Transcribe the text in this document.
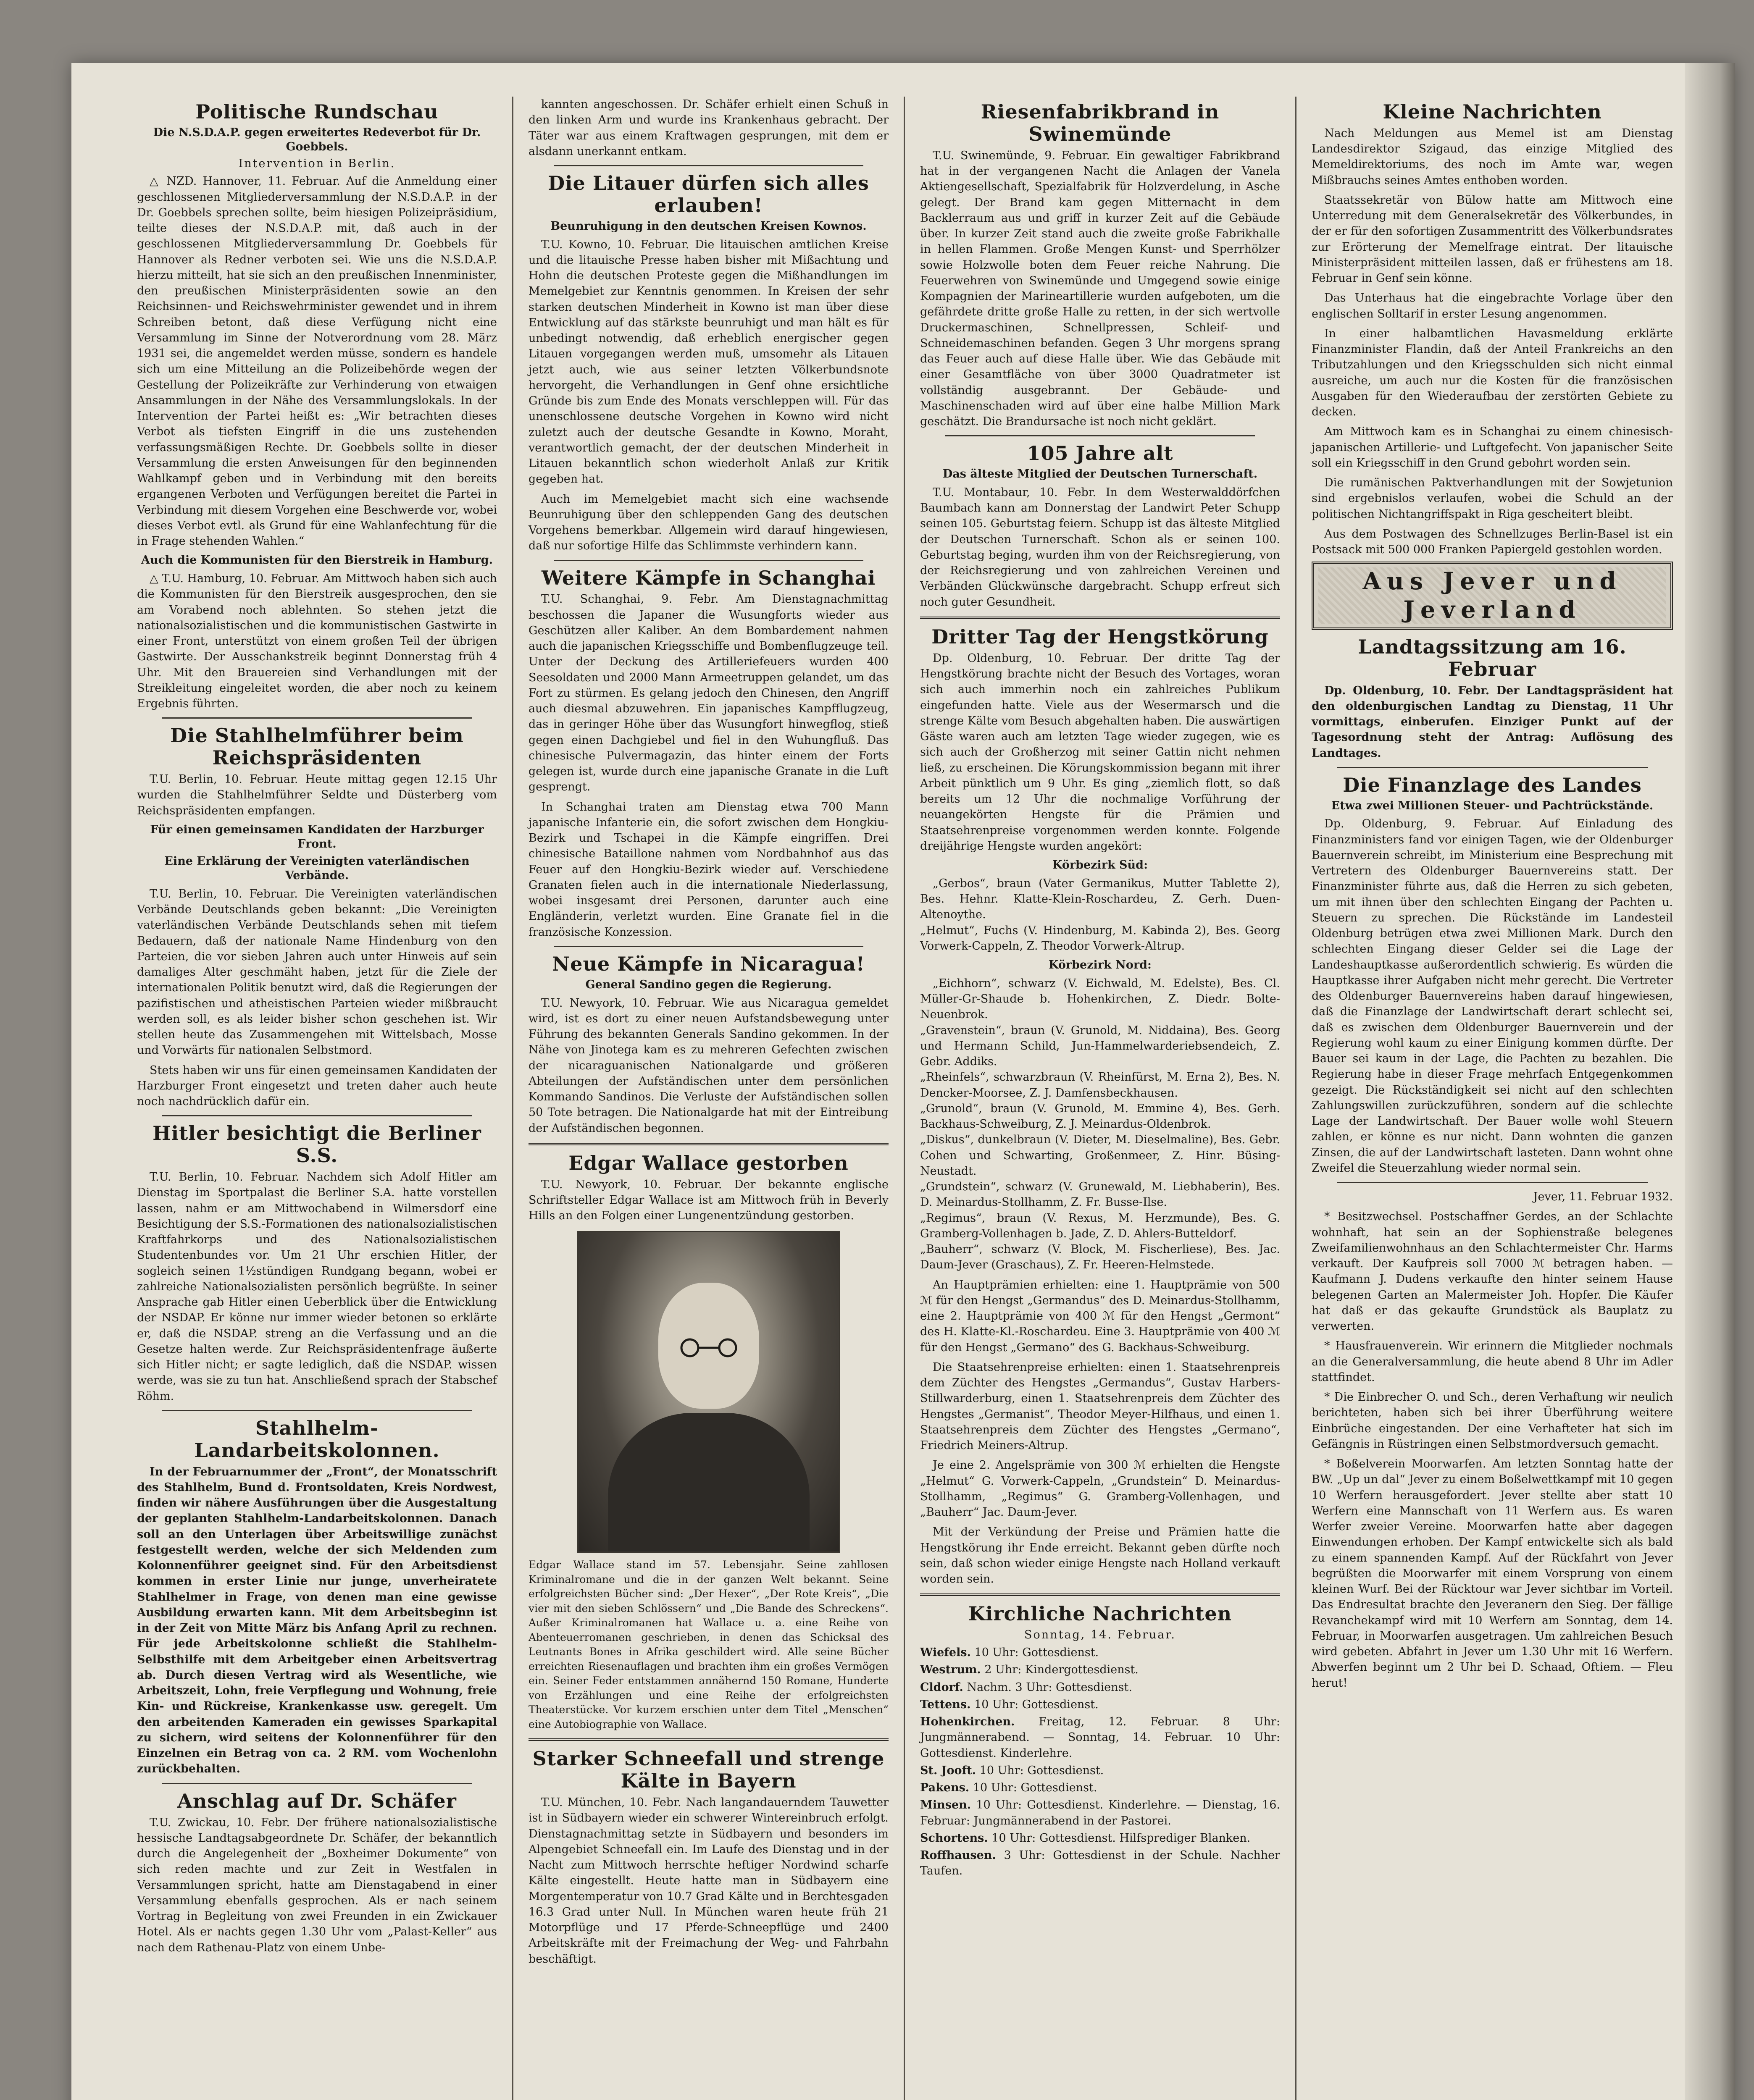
Politische Rundschau
Die N.S.D.A.P. gegen erweitertes Redeverbot für Dr. Goebbels.
Intervention in Berlin.

△ NZD. Hannover, 11. Februar. Auf die Anmeldung einer geschlossenen Mitgliederversammlung der N.S.D.A.P. in der Dr. Goebbels sprechen sollte, beim hiesigen Polizeipräsidium, teilte dieses der N.S.D.A.P. mit, daß auch in der geschlossenen Mitgliederversammlung Dr. Goebbels für Hannover als Redner verboten sei. Wie uns die N.S.D.A.P. hierzu mitteilt, hat sie sich an den preußischen Innenminister, den preußischen Ministerpräsidenten sowie an den Reichsinnen- und Reichswehrminister gewendet und in ihrem Schreiben betont, daß diese Verfügung nicht eine Versammlung im Sinne der Notverordnung vom 28. März 1931 sei, die angemeldet werden müsse, sondern es handele sich um eine Mitteilung an die Polizeibehörde wegen der Gestellung der Polizeikräfte zur Verhinderung von etwaigen Ansammlungen in der Nähe des Versammlungslokals. In der Intervention der Partei heißt es: „Wir betrachten dieses Verbot als tiefsten Eingriff in die uns zustehenden verfassungsmäßigen Rechte. Dr. Goebbels sollte in dieser Versammlung die ersten Anweisungen für den beginnenden Wahlkampf geben und in Verbindung mit den bereits ergangenen Verboten und Verfügungen bereitet die Partei in Verbindung mit diesem Vorgehen eine Beschwerde vor, wobei dieses Verbot evtl. als Grund für eine Wahlanfechtung für die in Frage stehenden Wahlen.“

Auch die Kommunisten für den Bierstreik in Hamburg.

△ T.U. Hamburg, 10. Februar. Am Mittwoch haben sich auch die Kommunisten für den Bierstreik ausgesprochen, den sie am Vorabend noch ablehnten. So stehen jetzt die nationalsozialistischen und die kommunistischen Gastwirte in einer Front, unterstützt von einem großen Teil der übrigen Gastwirte. Der Ausschankstreik beginnt Donnerstag früh 4 Uhr. Mit den Brauereien sind Verhandlungen mit der Streikleitung eingeleitet worden, die aber noch zu keinem Ergebnis führten.

Die Stahlhelmführer beim Reichspräsidenten

T.U. Berlin, 10. Februar. Heute mittag gegen 12.15 Uhr wurden die Stahlhelmführer Seldte und Düsterberg vom Reichspräsidenten empfangen.

Für einen gemeinsamen Kandidaten der Harzburger Front.
Eine Erklärung der Vereinigten vaterländischen Verbände.

T.U. Berlin, 10. Februar. Die Vereinigten vaterländischen Verbände Deutschlands geben bekannt: „Die Vereinigten vaterländischen Verbände Deutschlands sehen mit tiefem Bedauern, daß der nationale Name Hindenburg von den Parteien, die vor sieben Jahren auch unter Hinweis auf sein damaliges Alter geschmäht haben, jetzt für die Ziele der internationalen Politik benutzt wird, daß die Regierungen der pazifistischen und atheistischen Parteien wieder mißbraucht werden soll, es als leider bisher schon geschehen ist. Wir stellen heute das Zusammengehen mit Wittelsbach, Mosse und Vorwärts für nationalen Selbstmord.

Stets haben wir uns für einen gemeinsamen Kandidaten der Harzburger Front eingesetzt und treten daher auch heute noch nachdrücklich dafür ein.

Hitler besichtigt die Berliner S.S.

T.U. Berlin, 10. Februar. Nachdem sich Adolf Hitler am Dienstag im Sportpalast die Berliner S.A. hatte vorstellen lassen, nahm er am Mittwochabend in Wilmersdorf eine Besichtigung der S.S.-Formationen des nationalsozialistischen Kraftfahrkorps und des Nationalsozialistischen Studentenbundes vor. Um 21 Uhr erschien Hitler, der sogleich seinen 1½stündigen Rundgang begann, wobei er zahlreiche Nationalsozialisten persönlich begrüßte. In seiner Ansprache gab Hitler einen Ueberblick über die Entwicklung der NSDAP. Er könne nur immer wieder betonen so erklärte er, daß die NSDAP. streng an die Verfassung und an die Gesetze halten werde. Zur Reichspräsidentenfrage äußerte sich Hitler nicht; er sagte lediglich, daß die NSDAP. wissen werde, was sie zu tun hat. Anschließend sprach der Stabschef Röhm.

Stahlhelm-Landarbeitskolonnen.

In der Februarnummer der „Front“, der Monatsschrift des Stahlhelm, Bund d. Frontsoldaten, Kreis Nordwest, finden wir nähere Ausführungen über die Ausgestaltung der geplanten Stahlhelm-Landarbeitskolonnen. Danach soll an den Unterlagen über Arbeitswillige zunächst festgestellt werden, welche der sich Meldenden zum Kolonnenführer geeignet sind. Für den Arbeitsdienst kommen in erster Linie nur junge, unverheiratete Stahlhelmer in Frage, von denen man eine gewisse Ausbildung erwarten kann. Mit dem Arbeitsbeginn ist in der Zeit von Mitte März bis Anfang April zu rechnen. Für jede Arbeitskolonne schließt die Stahlhelm-Selbsthilfe mit dem Arbeitgeber einen Arbeitsvertrag ab. Durch diesen Vertrag wird als Wesentliche, wie Arbeitszeit, Lohn, freie Verpflegung und Wohnung, freie Kin- und Rückreise, Krankenkasse usw. geregelt. Um den arbeitenden Kameraden ein gewisses Sparkapital zu sichern, wird seitens der Kolonnenführer für den Einzelnen ein Betrag von ca. 2 RM. vom Wochenlohn zurückbehalten.

Anschlag auf Dr. Schäfer

T.U. Zwickau, 10. Febr. Der frühere nationalsozialistische hessische Landtagsabgeordnete Dr. Schäfer, der bekanntlich durch die Angelegenheit der „Boxheimer Dokumente“ von sich reden machte und zur Zeit in Westfalen in Versammlungen spricht, hatte am Dienstagabend in einer Versammlung ebenfalls gesprochen. Als er nach seinem Vortrag in Begleitung von zwei Freunden in ein Zwickauer Hotel. Als er nachts gegen 1.30 Uhr vom „Palast-Keller“ aus nach dem Rathenau-Platz von einem Unbe-

kannten angeschossen. Dr. Schäfer erhielt einen Schuß in den linken Arm und wurde ins Krankenhaus gebracht. Der Täter war aus einem Kraftwagen gesprungen, mit dem er alsdann unerkannt entkam.

Die Litauer dürfen sich alles erlauben!
Beunruhigung in den deutschen Kreisen Kownos.

T.U. Kowno, 10. Februar. Die litauischen amtlichen Kreise und die litauische Presse haben bisher mit Mißachtung und Hohn die deutschen Proteste gegen die Mißhandlungen im Memelgebiet zur Kenntnis genommen. In Kreisen der sehr starken deutschen Minderheit in Kowno ist man über diese Entwicklung auf das stärkste beunruhigt und man hält es für unbedingt notwendig, daß erheblich energischer gegen Litauen vorgegangen werden muß, umsomehr als Litauen jetzt auch, wie aus seiner letzten Völkerbundsnote hervorgeht, die Verhandlungen in Genf ohne ersichtliche Gründe bis zum Ende des Monats verschleppen will. Für das unenschlossene deutsche Vorgehen in Kowno wird nicht zuletzt auch der deutsche Gesandte in Kowno, Moraht, verantwortlich gemacht, der der deutschen Minderheit in Litauen bekanntlich schon wiederholt Anlaß zur Kritik gegeben hat.

Auch im Memelgebiet macht sich eine wachsende Beunruhigung über den schleppenden Gang des deutschen Vorgehens bemerkbar. Allgemein wird darauf hingewiesen, daß nur sofortige Hilfe das Schlimmste verhindern kann.

Weitere Kämpfe in Schanghai

T.U. Schanghai, 9. Febr. Am Dienstagnachmittag beschossen die Japaner die Wusungforts wieder aus Geschützen aller Kaliber. An dem Bombardement nahmen auch die japanischen Kriegsschiffe und Bombenflugzeuge teil. Unter der Deckung des Artilleriefeuers wurden 400 Seesoldaten und 2000 Mann Armeetruppen gelandet, um das Fort zu stürmen. Es gelang jedoch den Chinesen, den Angriff auch diesmal abzuwehren. Ein japanisches Kampfflugzeug, das in geringer Höhe über das Wusungfort hinwegflog, stieß gegen einen Dachgiebel und fiel in den Wuhungfluß. Das chinesische Pulvermagazin, das hinter einem der Forts gelegen ist, wurde durch eine japanische Granate in die Luft gesprengt.

In Schanghai traten am Dienstag etwa 700 Mann japanische Infanterie ein, die sofort zwischen dem Hongkiu-Bezirk und Tschapei in die Kämpfe eingriffen. Drei chinesische Bataillone nahmen vom Nordbahnhof aus das Feuer auf den Hongkiu-Bezirk wieder auf. Verschiedene Granaten fielen auch in die internationale Niederlassung, wobei insgesamt drei Personen, darunter auch eine Engländerin, verletzt wurden. Eine Granate fiel in die französische Konzession.

Neue Kämpfe in Nicaragua!
General Sandino gegen die Regierung.

T.U. Newyork, 10. Februar. Wie aus Nicaragua gemeldet wird, ist es dort zu einer neuen Aufstandsbewegung unter Führung des bekannten Generals Sandino gekommen. In der Nähe von Jinotega kam es zu mehreren Gefechten zwischen der nicaraguanischen Nationalgarde und größeren Abteilungen der Aufständischen unter dem persönlichen Kommando Sandinos. Die Verluste der Aufständischen sollen 50 Tote betragen. Die Nationalgarde hat mit der Eintreibung der Aufständischen begonnen.

Edgar Wallace gestorben

T.U. Newyork, 10. Februar. Der bekannte englische Schriftsteller Edgar Wallace ist am Mittwoch früh in Beverly Hills an den Folgen einer Lungenentzündung gestorben.

Edgar Wallace stand im 57. Lebensjahr. Seine zahllosen Kriminalromane und die in der ganzen Welt bekannt. Seine erfolgreichsten Bücher sind: „Der Hexer“, „Der Rote Kreis“, „Die vier mit den sieben Schlössern“ und „Die Bande des Schreckens“. Außer Kriminalromanen hat Wallace u. a. eine Reihe von Abenteuerromanen geschrieben, in denen das Schicksal des Leutnants Bones in Afrika geschildert wird. Alle seine Bücher erreichten Riesenauflagen und brachten ihm ein großes Vermögen ein. Seiner Feder entstammen annähernd 150 Romane, Hunderte von Erzählungen und eine Reihe der erfolgreichsten Theaterstücke. Vor kurzem erschien unter dem Titel „Menschen“ eine Autobiographie von Wallace.

Starker Schneefall und strenge Kälte in Bayern

T.U. München, 10. Febr. Nach langandauerndem Tauwetter ist in Südbayern wieder ein schwerer Wintereinbruch erfolgt. Dienstagnachmittag setzte in Südbayern und besonders im Alpengebiet Schneefall ein. Im Laufe des Dienstag und in der Nacht zum Mittwoch herrschte heftiger Nordwind scharfe Kälte eingestellt. Heute hatte man in Südbayern eine Morgentemperatur von 10.7 Grad Kälte und in Berchtesgaden 16.3 Grad unter Null. In München waren heute früh 21 Motorpflüge und 17 Pferde-Schneepflüge und 2400 Arbeitskräfte mit der Freimachung der Weg- und Fahrbahn beschäftigt.

Riesenfabrikbrand in Swinemünde

T.U. Swinemünde, 9. Februar. Ein gewaltiger Fabrikbrand hat in der vergangenen Nacht die Anlagen der Vanela Aktiengesellschaft, Spezialfabrik für Holzverdelung, in Asche gelegt. Der Brand kam gegen Mitternacht in dem Backlerraum aus und griff in kurzer Zeit auf die Gebäude über. In kurzer Zeit stand auch die zweite große Fabrikhalle in hellen Flammen. Große Mengen Kunst- und Sperrhölzer sowie Holzwolle boten dem Feuer reiche Nahrung. Die Feuerwehren von Swinemünde und Umgegend sowie einige Kompagnien der Marineartillerie wurden aufgeboten, um die gefährdete dritte große Halle zu retten, in der sich wertvolle Druckermaschinen, Schnellpressen, Schleif- und Schneidemaschinen befanden. Gegen 3 Uhr morgens sprang das Feuer auch auf diese Halle über. Wie das Gebäude mit einer Gesamtfläche von über 3000 Quadratmeter ist vollständig ausgebrannt. Der Gebäude- und Maschinenschaden wird auf über eine halbe Million Mark geschätzt. Die Brandursache ist noch nicht geklärt.

105 Jahre alt
Das älteste Mitglied der Deutschen Turnerschaft.

T.U. Montabaur, 10. Febr. In dem Westerwalddörfchen Baumbach kann am Donnerstag der Landwirt Peter Schupp seinen 105. Geburtstag feiern. Schupp ist das älteste Mitglied der Deutschen Turnerschaft. Schon als er seinen 100. Geburtstag beging, wurden ihm von der Reichsregierung, von der Reichsregierung und von zahlreichen Vereinen und Verbänden Glückwünsche dargebracht. Schupp erfreut sich noch guter Gesundheit.

Dritter Tag der Hengstkörung

Dp. Oldenburg, 10. Februar. Der dritte Tag der Hengstkörung brachte nicht der Besuch des Vortages, woran sich auch immerhin noch ein zahlreiches Publikum eingefunden hatte. Viele aus der Wesermarsch und die strenge Kälte vom Besuch abgehalten haben. Die auswärtigen Gäste waren auch am letzten Tage wieder zugegen, wie es sich auch der Großherzog mit seiner Gattin nicht nehmen ließ, zu erscheinen. Die Körungskommission begann mit ihrer Arbeit pünktlich um 9 Uhr. Es ging „ziemlich flott, so daß bereits um 12 Uhr die nochmalige Vorführung der neuangekörten Hengste für die Prämien und Staatsehrenpreise vorgenommen werden konnte. Folgende dreijährige Hengste wurden angekört:

Körbezirk Süd:

„Gerbos“, braun (Vater Germanikus, Mutter Tablette 2), Bes. Hehnr. Klatte-Klein-Roschardeu, Z. Gerh. Duen-Altenoythe.
„Helmut“, Fuchs (V. Hindenburg, M. Kabinda 2), Bes. Georg Vorwerk-Cappeln, Z. Theodor Vorwerk-Altrup.

Körbezirk Nord:

„Eichhorn“, schwarz (V. Eichwald, M. Edelste), Bes. Cl. Müller-Gr-Shaude b. Hohenkirchen, Z. Diedr. Bolte-Neuenbrok.
„Gravenstein“, braun (V. Grunold, M. Niddaina), Bes. Georg und Hermann Schild, Jun-Hammelwarderiebsendeich, Z. Gebr. Addiks.
„Rheinfels“, schwarzbraun (V. Rheinfürst, M. Erna 2), Bes. N. Dencker-Moorsee, Z. J. Damfensbeckhausen.
„Grunold“, braun (V. Grunold, M. Emmine 4), Bes. Gerh. Backhaus-Schweiburg, Z. J. Meinardus-Oldenbrok.
„Diskus“, dunkelbraun (V. Dieter, M. Dieselmaline), Bes. Gebr. Cohen und Schwarting, Großenmeer, Z. Hinr. Büsing-Neustadt.
„Grundstein“, schwarz (V. Grunewald, M. Liebhaberin), Bes. D. Meinardus-Stollhamm, Z. Fr. Busse-Ilse.
„Regimus“, braun (V. Rexus, M. Herzmunde), Bes. G. Gramberg-Vollenhagen b. Jade, Z. D. Ahlers-Butteldorf.
„Bauherr“, schwarz (V. Block, M. Fischerliese), Bes. Jac. Daum-Jever (Graschaus), Z. Fr. Heeren-Helmstede.

An Hauptprämien erhielten: eine 1. Hauptprämie von 500 ℳ für den Hengst „Germandus“ des D. Meinardus-Stollhamm, eine 2. Hauptprämie von 400 ℳ für den Hengst „Germont“ des H. Klatte-Kl.-Roschardeu. Eine 3. Hauptprämie von 400 ℳ für den Hengst „Germano“ des G. Backhaus-Schweiburg.

Die Staatsehrenpreise erhielten: einen 1. Staatsehrenpreis dem Züchter des Hengstes „Germandus“, Gustav Harbers-Stillwarderburg, einen 1. Staatsehrenpreis dem Züchter des Hengstes „Germanist“, Theodor Meyer-Hilfhaus, und einen 1. Staatsehrenpreis dem Züchter des Hengstes „Germano“, Friedrich Meiners-Altrup.

Je eine 2. Angelsprämie von 300 ℳ erhielten die Hengste „Helmut“ G. Vorwerk-Cappeln, „Grundstein“ D. Meinardus-Stollhamm, „Regimus“ G. Gramberg-Vollenhagen, und „Bauherr“ Jac. Daum-Jever.

Mit der Verkündung der Preise und Prämien hatte die Hengstkörung ihr Ende erreicht. Bekannt geben dürfte noch sein, daß schon wieder einige Hengste nach Holland verkauft worden sein.

Kirchliche Nachrichten
Sonntag, 14. Februar.

Wiefels. 10 Uhr: Gottesdienst.

Westrum. 2 Uhr: Kindergottesdienst.

Cldorf. Nachm. 3 Uhr: Gottesdienst.

Tettens. 10 Uhr: Gottesdienst.

Hohenkirchen. Freitag, 12. Februar. 8 Uhr: Jungmännerabend. — Sonntag, 14. Februar. 10 Uhr: Gottesdienst. Kinderlehre.

St. Jooft. 10 Uhr: Gottesdienst.

Pakens. 10 Uhr: Gottesdienst.

Minsen. 10 Uhr: Gottesdienst. Kinderlehre. — Dienstag, 16. Februar: Jungmännerabend in der Pastorei.

Schortens. 10 Uhr: Gottesdienst. Hilfsprediger Blanken.

Roffhausen. 3 Uhr: Gottesdienst in der Schule. Nachher Taufen.

Kleine Nachrichten

Nach Meldungen aus Memel ist am Dienstag Landesdirektor Szigaud, das einzige Mitglied des Memeldirektoriums, des noch im Amte war, wegen Mißbrauchs seines Amtes enthoben worden.

Staatssekretär von Bülow hatte am Mittwoch eine Unterredung mit dem Generalsekretär des Völkerbundes, in der er für den sofortigen Zusammentritt des Völkerbundsrates zur Erörterung der Memelfrage eintrat. Der litauische Ministerpräsident mitteilen lassen, daß er frühestens am 18. Februar in Genf sein könne.

Das Unterhaus hat die eingebrachte Vorlage über den englischen Solltarif in erster Lesung angenommen.

In einer halbamtlichen Havasmeldung erklärte Finanzminister Flandin, daß der Anteil Frankreichs an den Tributzahlungen und den Kriegsschulden sich nicht einmal ausreiche, um auch nur die Kosten für die französischen Ausgaben für den Wiederaufbau der zerstörten Gebiete zu decken.

Am Mittwoch kam es in Schanghai zu einem chinesisch-japanischen Artillerie- und Luftgefecht. Von japanischer Seite soll ein Kriegsschiff in den Grund gebohrt worden sein.

Die rumänischen Paktverhandlungen mit der Sowjetunion sind ergebnislos verlaufen, wobei die Schuld an der politischen Nichtangriffspakt in Riga gescheitert bleibt.

Aus dem Postwagen des Schnellzuges Berlin-Basel ist ein Postsack mit 500 000 Franken Papiergeld gestohlen worden.

Aus Jever und Jeverland
Landtagssitzung am 16. Februar

Dp. Oldenburg, 10. Febr. Der Landtagspräsident hat den oldenburgischen Landtag zu Dienstag, 11 Uhr vormittags, einberufen. Einziger Punkt auf der Tagesordnung steht der Antrag: Auflösung des Landtages.

Die Finanzlage des Landes
Etwa zwei Millionen Steuer- und Pachtrückstände.

Dp. Oldenburg, 9. Februar. Auf Einladung des Finanzministers fand vor einigen Tagen, wie der Oldenburger Bauernverein schreibt, im Ministerium eine Besprechung mit Vertretern des Oldenburger Bauernvereins statt. Der Finanzminister führte aus, daß die Herren zu sich gebeten, um mit ihnen über den schlechten Eingang der Pachten u. Steuern zu sprechen. Die Rückstände im Landesteil Oldenburg betrügen etwa zwei Millionen Mark. Durch den schlechten Eingang dieser Gelder sei die Lage der Landeshauptkasse außerordentlich schwierig. Es würden die Hauptkasse ihrer Aufgaben nicht mehr gerecht. Die Vertreter des Oldenburger Bauernvereins haben darauf hingewiesen, daß die Finanzlage der Landwirtschaft derart schlecht sei, daß es zwischen dem Oldenburger Bauernverein und der Regierung wohl kaum zu einer Einigung kommen dürfte. Der Bauer sei kaum in der Lage, die Pachten zu bezahlen. Die Regierung habe in dieser Frage mehrfach Entgegenkommen gezeigt. Die Rückständigkeit sei nicht auf den schlechten Zahlungswillen zurückzuführen, sondern auf die schlechte Lage der Landwirtschaft. Der Bauer wolle wohl Steuern zahlen, er könne es nur nicht. Dann wohnten die ganzen Zinsen, die auf der Landwirtschaft lasteten. Dann wohnt ohne Zweifel die Steuerzahlung wieder normal sein.

Jever, 11. Februar 1932.

* Besitzwechsel. Postschaffner Gerdes, an der Schlachte wohnhaft, hat sein an der Sophienstraße belegenes Zweifamilienwohnhaus an den Schlachtermeister Chr. Harms verkauft. Der Kaufpreis soll 7000 ℳ betragen haben. — Kaufmann J. Dudens verkaufte den hinter seinem Hause belegenen Garten an Malermeister Joh. Hopfer. Die Käufer hat daß er das gekaufte Grundstück als Bauplatz zu verwerten.

* Hausfrauenverein. Wir erinnern die Mitglieder nochmals an die Generalversammlung, die heute abend 8 Uhr im Adler stattfindet.

* Die Einbrecher O. und Sch., deren Verhaftung wir neulich berichteten, haben sich bei ihrer Überführung weitere Einbrüche eingestanden. Der eine Verhafteter hat sich im Gefängnis in Rüstringen einen Selbstmordversuch gemacht.

* Boßelverein Moorwarfen. Am letzten Sonntag hatte der BW. „Up un dal“ Jever zu einem Boßelwettkampf mit 10 gegen 10 Werfern herausgefordert. Jever stellte aber statt 10 Werfern eine Mannschaft von 11 Werfern aus. Es waren Werfer zweier Vereine. Moorwarfen hatte aber dagegen Einwendungen erhoben. Der Kampf entwickelte sich als bald zu einem spannenden Kampf. Auf der Rückfahrt von Jever begrüßten die Moorwarfer mit einem Vorsprung von einem kleinen Wurf. Bei der Rücktour war Jever sichtbar im Vorteil. Das Endresultat brachte den Jeveranern den Sieg. Der fällige Revanchekampf wird mit 10 Werfern am Sonntag, dem 14. Februar, in Moorwarfen ausgetragen. Um zahlreichen Besuch wird gebeten. Abfahrt in Jever um 1.30 Uhr mit 16 Werfern. Abwerfen beginnt um 2 Uhr bei D. Schaad, Oftiem. — Fleu herut!
